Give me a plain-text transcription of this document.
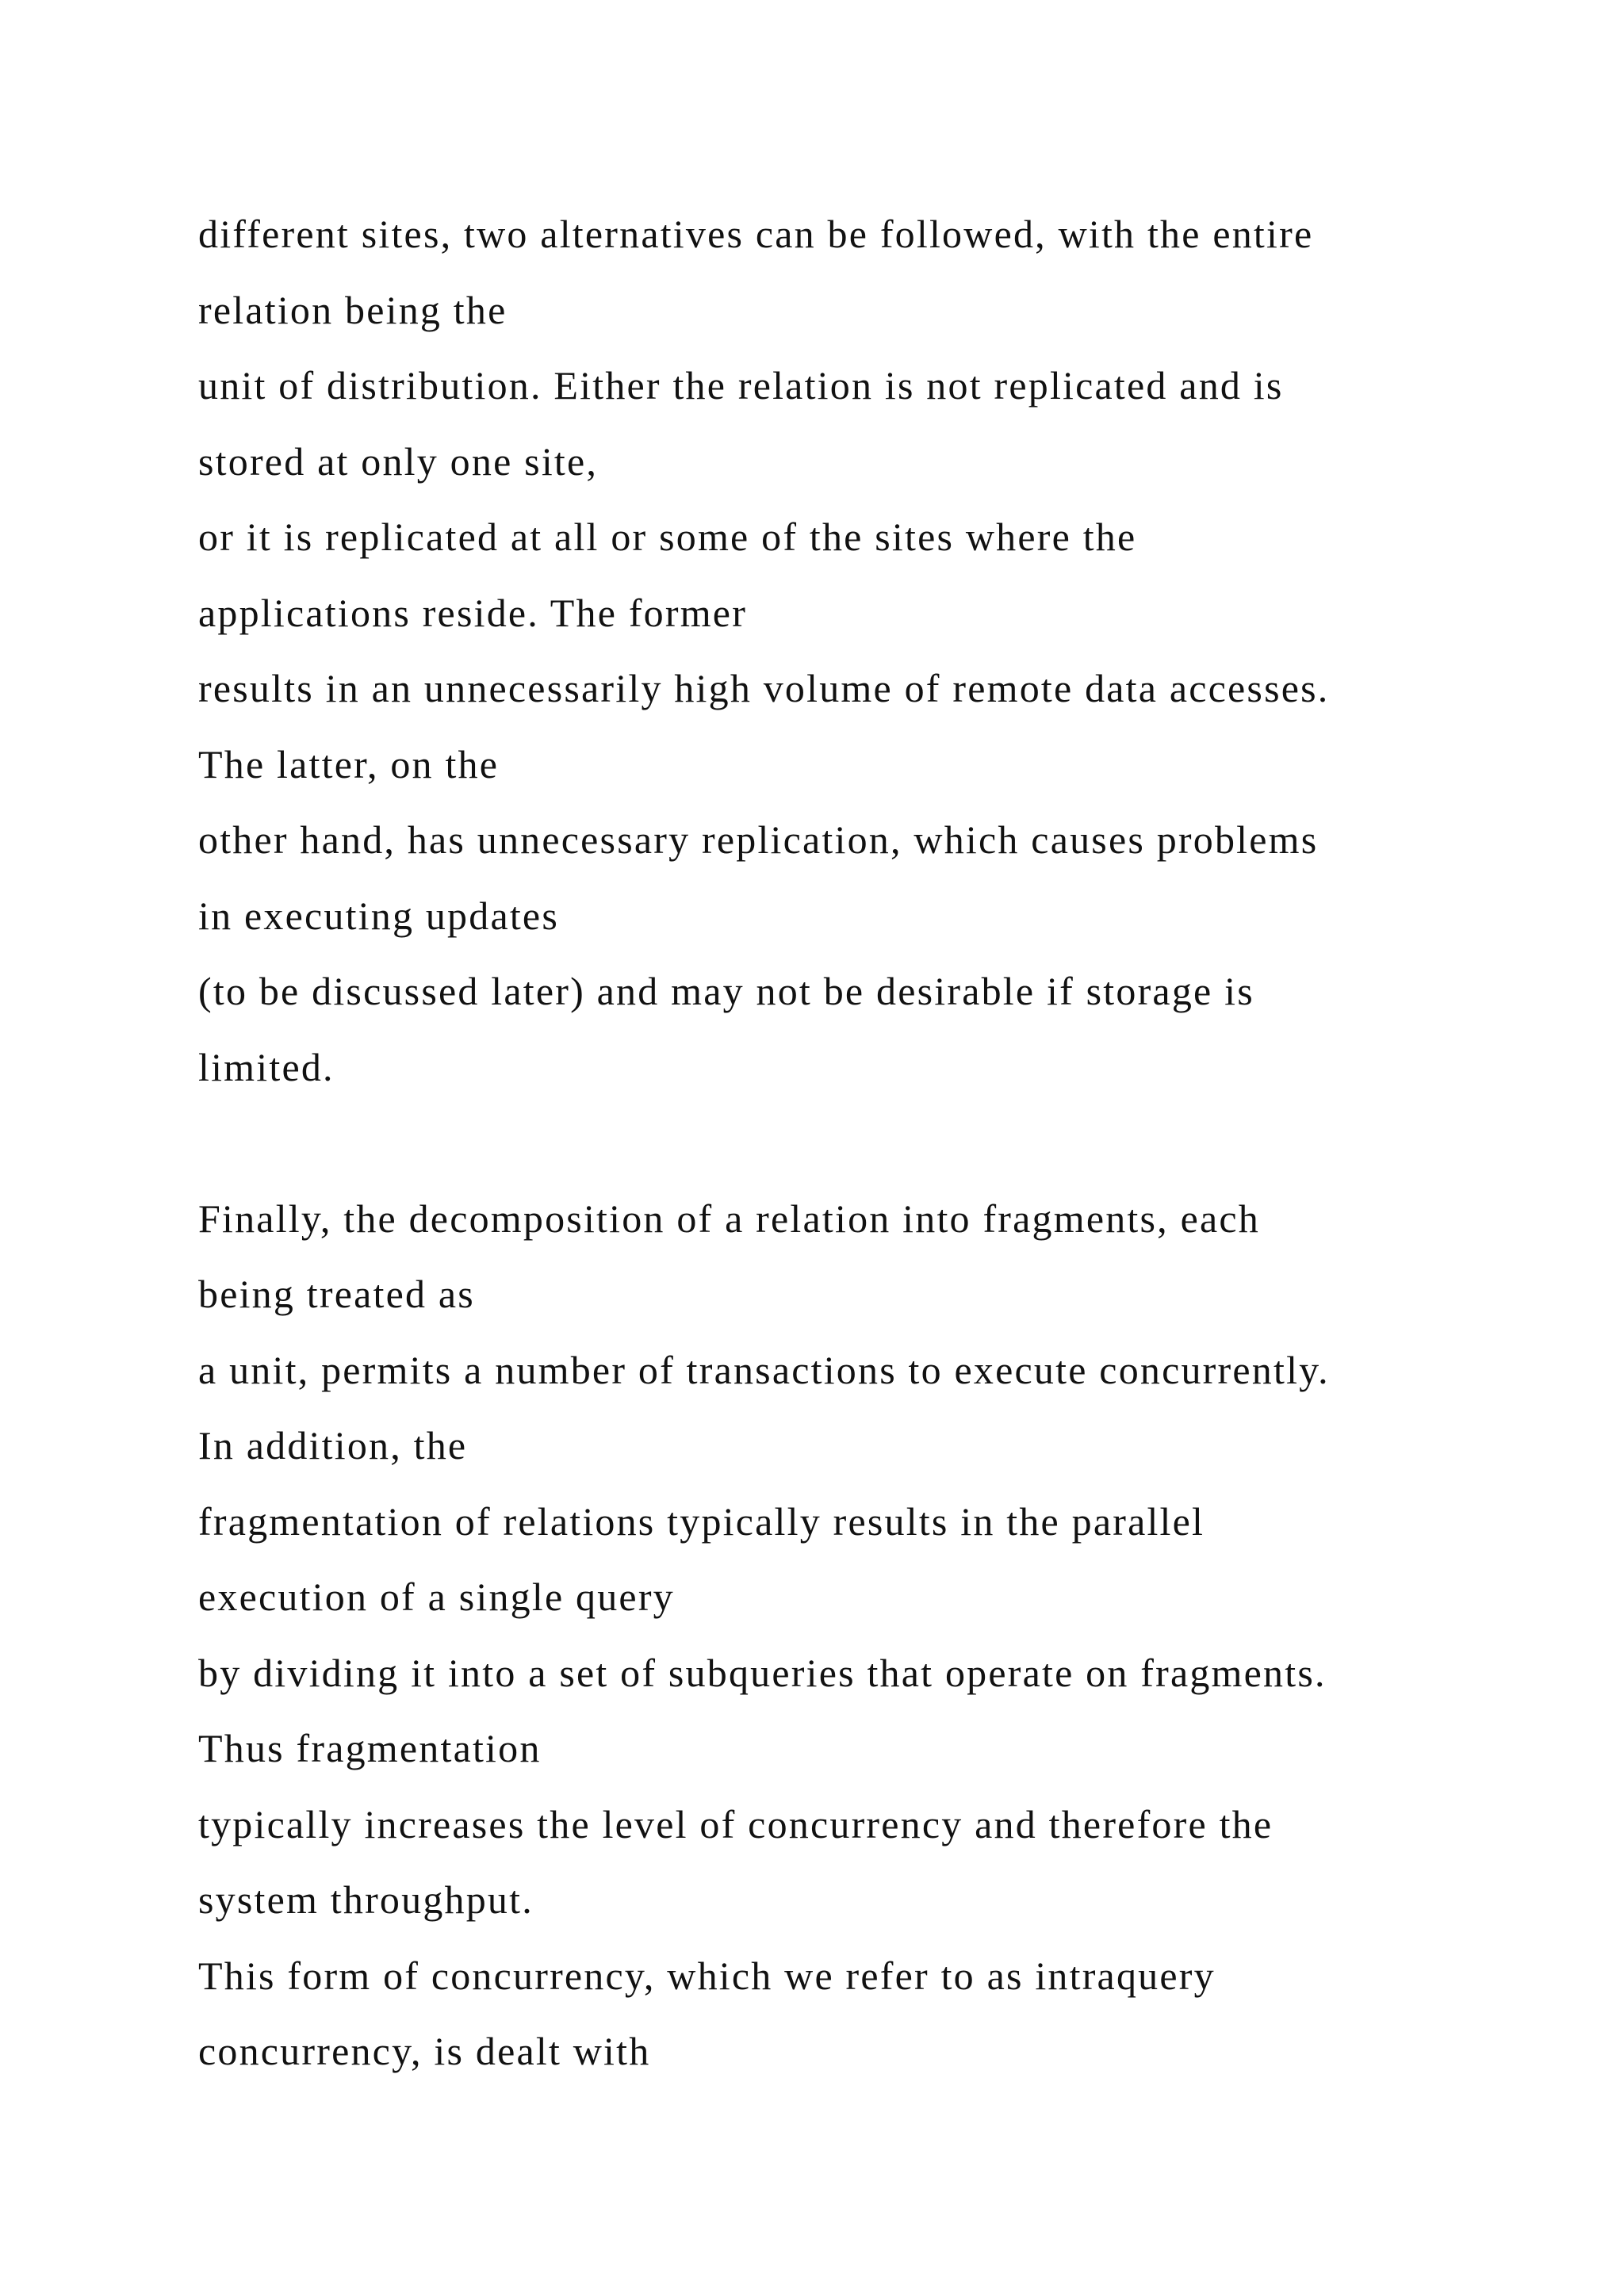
different sites, two alternatives can be followed, with the entire
relation being the
unit of distribution. Either the relation is not replicated and is
stored at only one site,
or it is replicated at all or some of the sites where the
applications reside. The former
results in an unnecessarily high volume of remote data accesses.
The latter, on the
other hand, has unnecessary replication, which causes problems
in executing updates
(to be discussed later) and may not be desirable if storage is
limited.
Finally, the decomposition of a relation into fragments, each
being treated as
a unit, permits a number of transactions to execute concurrently.
In addition, the
fragmentation of relations typically results in the parallel
execution of a single query
by dividing it into a set of subqueries that operate on fragments.
Thus fragmentation
typically increases the level of concurrency and therefore the
system throughput.
This form of concurrency, which we refer to as intraquery
concurrency, is dealt with
